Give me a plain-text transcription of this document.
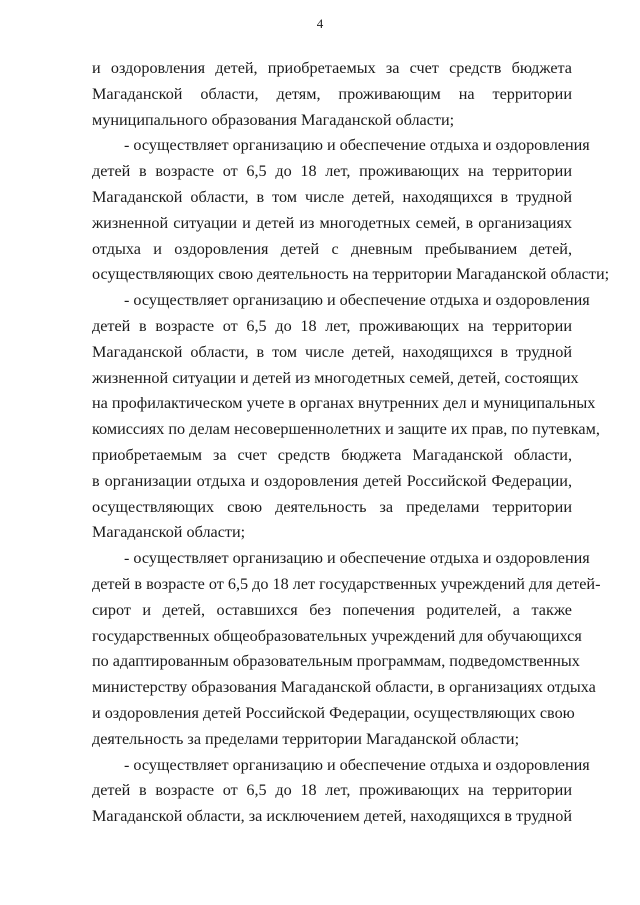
4
и оздоровления детей, приобретаемых за счет средств бюджета
Магаданской области, детям, проживающим на территории
муниципального образования Магаданской области;
- осуществляет организацию и обеспечение отдыха и оздоровления
детей в возрасте от 6,5 до 18 лет, проживающих на территории
Магаданской области, в том числе детей, находящихся в трудной
жизненной ситуации и детей из многодетных семей, в организациях
отдыха и оздоровления детей с дневным пребыванием детей,
осуществляющих свою деятельность на территории Магаданской области;
- осуществляет организацию и обеспечение отдыха и оздоровления
детей в возрасте от 6,5 до 18 лет, проживающих на территории
Магаданской области, в том числе детей, находящихся в трудной
жизненной ситуации и детей из многодетных семей, детей, состоящих
на профилактическом учете в органах внутренних дел и муниципальных
комиссиях по делам несовершеннолетних и защите их прав, по путевкам,
приобретаемым за счет средств бюджета Магаданской области,
в организации отдыха и оздоровления детей Российской Федерации,
осуществляющих свою деятельность за пределами территории
Магаданской области;
- осуществляет организацию и обеспечение отдыха и оздоровления
детей в возрасте от 6,5 до 18 лет государственных учреждений для детей-
сирот и детей, оставшихся без попечения родителей, а также
государственных общеобразовательных учреждений для обучающихся
по адаптированным образовательным программам, подведомственных
министерству образования Магаданской области, в организациях отдыха
и оздоровления детей Российской Федерации, осуществляющих свою
деятельность за пределами территории Магаданской области;
- осуществляет организацию и обеспечение отдыха и оздоровления
детей в возрасте от 6,5 до 18 лет, проживающих на территории
Магаданской области, за исключением детей, находящихся в трудной
